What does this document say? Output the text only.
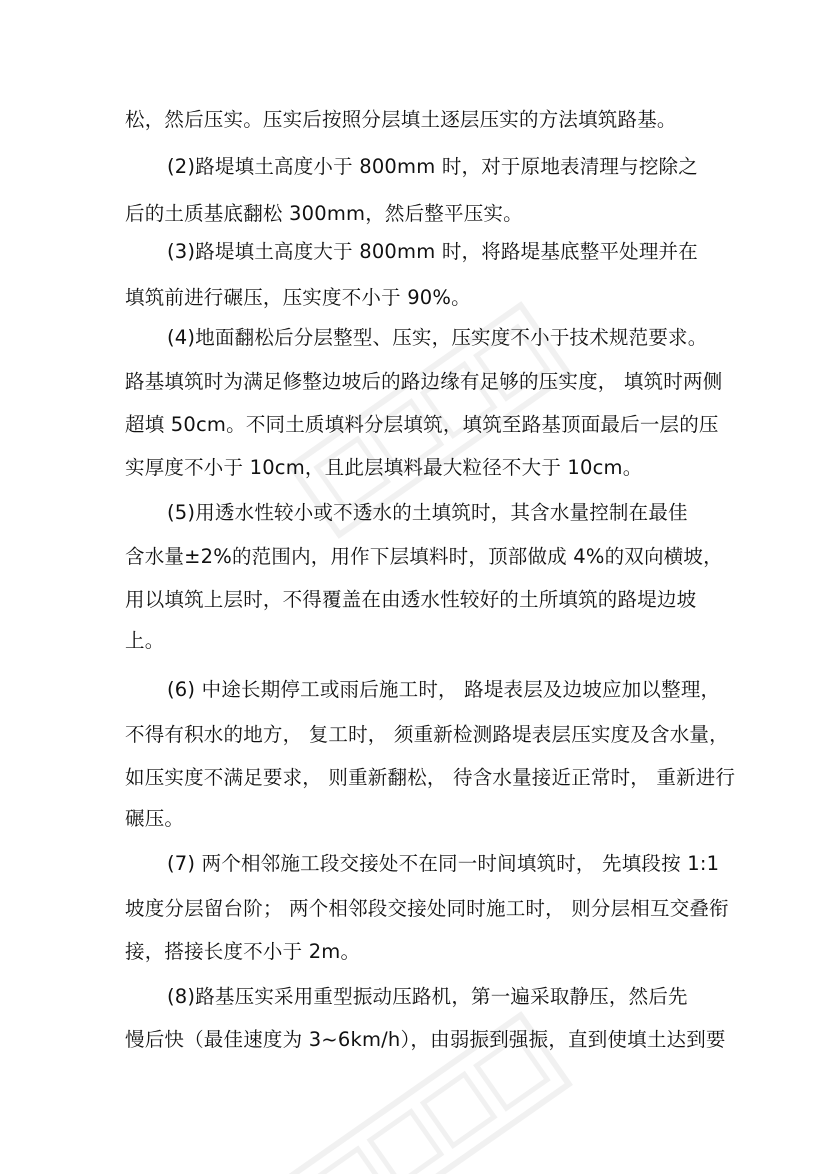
松，然后压实。压实后按照分层填土逐层压实的方法填筑路基。
(2)路堤填土高度小于 800mm 时，对于原地表清理与挖除之
后的土质基底翻松 300mm，然后整平压实。
(3)路堤填土高度大于 800mm 时，将路堤基底整平处理并在
填筑前进行碾压，压实度不小于 90%。
(4)地面翻松后分层整型、压实，压实度不小于技术规范要求。
路基填筑时为满足修整边坡后的路边缘有足够的压实度， 填筑时两侧
超填 50cm。不同土质填料分层填筑，填筑至路基顶面最后一层的压
实厚度不小于 10cm，且此层填料最大粒径不大于 10cm。
(5)用透水性较小或不透水的土填筑时，其含水量控制在最佳
含水量±2%的范围内，用作下层填料时，顶部做成 4%的双向横坡，
用以填筑上层时，不得覆盖在由透水性较好的土所填筑的路堤边坡
上。
(6) 中途长期停工或雨后施工时， 路堤表层及边坡应加以整理，
不得有积水的地方， 复工时， 须重新检测路堤表层压实度及含水量，
如压实度不满足要求， 则重新翻松， 待含水量接近正常时， 重新进行
碾压。
(7) 两个相邻施工段交接处不在同一时间填筑时， 先填段按 1:1
坡度分层留台阶； 两个相邻段交接处同时施工时， 则分层相互交叠衔
接，搭接长度不小于 2m。
(8)路基压实采用重型振动压路机，第一遍采取静压，然后先
慢后快（最佳速度为 3~6km/h），由弱振到强振，直到使填土达到要
